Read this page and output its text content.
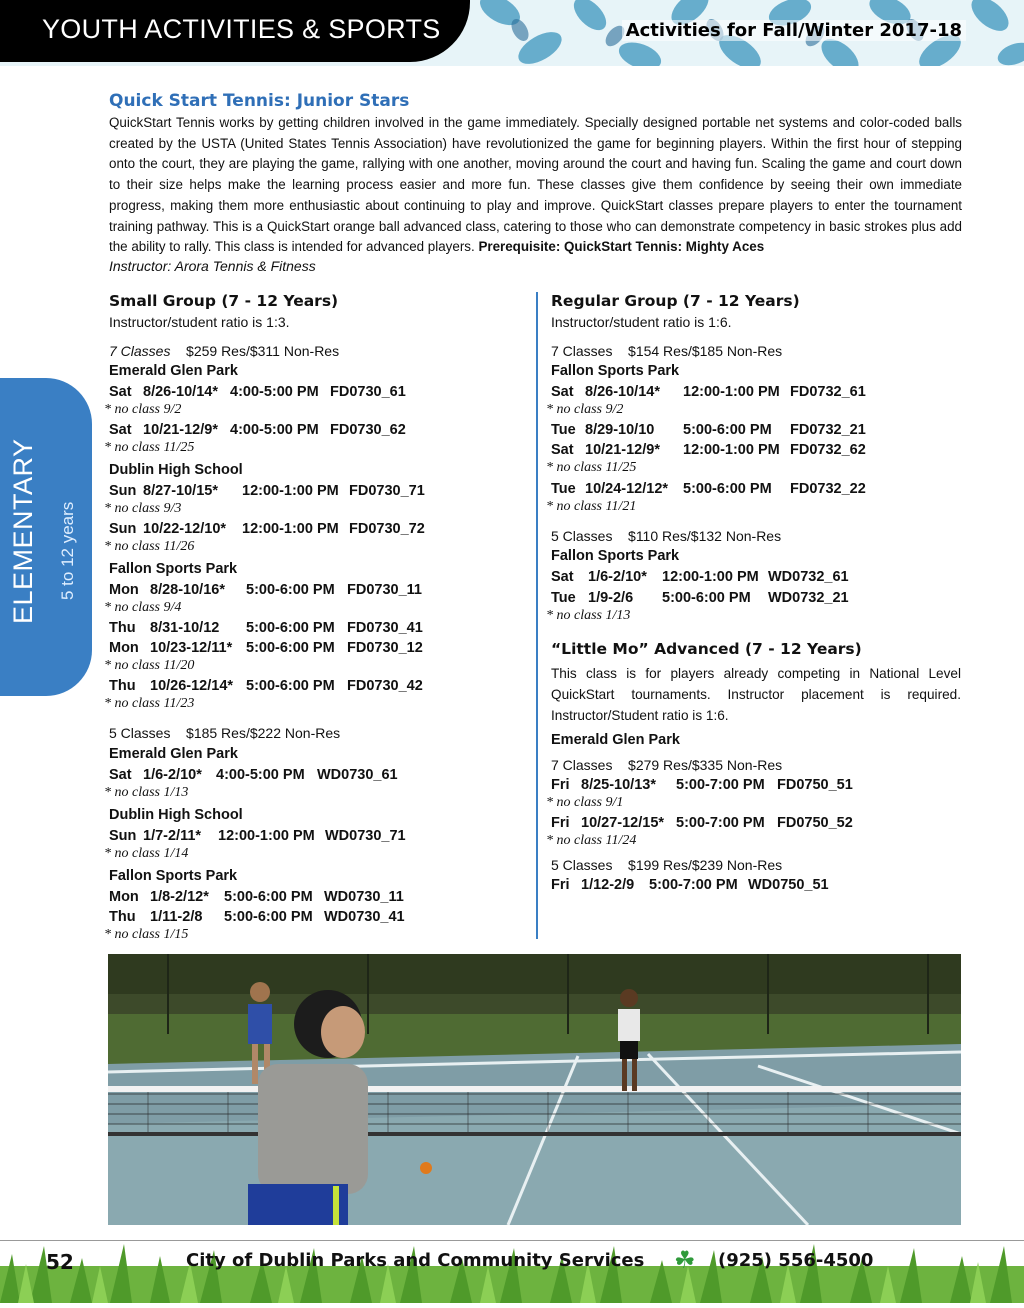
YOUTH ACTIVITIES & SPORTS	Activities for Fall/Winter 2017-18
ELEMENTARY 5 to 12 years
Quick Start Tennis: Junior Stars
QuickStart Tennis works by getting children involved in the game immediately. Specially designed portable net systems and color-coded balls created by the USTA (United States Tennis Association) have revolutionized the game for beginning players. Within the first hour of stepping onto the court, they are playing the game, rallying with one another, moving around the court and having fun. Scaling the game and court down to their size helps make the learning process easier and more fun. These classes give them confidence by seeing their own immediate progress, making them more enthusiastic about continuing to play and improve. QuickStart classes prepare players to enter the tournament training pathway. This is a QuickStart orange ball advanced class, catering to those who can demonstrate competency in basic strokes plus add the ability to rally. This class is intended for advanced players. Prerequisite: QuickStart Tennis: Mighty Aces
Instructor: Arora Tennis & Fitness
Small Group (7 - 12 Years)
Instructor/student ratio is 1:3.
7 Classes $259 Res/$311 Non-Res
Emerald Glen Park
Sat 8/26-10/14* 4:00-5:00 PM FD0730_61
* no class 9/2
Sat 10/21-12/9* 4:00-5:00 PM FD0730_62
* no class 11/25
Dublin High School
Sun 8/27-10/15* 12:00-1:00 PM FD0730_71
* no class 9/3
Sun 10/22-12/10* 12:00-1:00 PM FD0730_72
* no class 11/26
Fallon Sports Park
Mon 8/28-10/16* 5:00-6:00 PM FD0730_11
* no class 9/4
Thu 8/31-10/12 5:00-6:00 PM FD0730_41
Mon 10/23-12/11* 5:00-6:00 PM FD0730_12
* no class 11/20
Thu 10/26-12/14* 5:00-6:00 PM FD0730_42
* no class 11/23
5 Classes    $185 Res/$222 Non-Res
Emerald Glen Park
Sat 1/6-2/10* 4:00-5:00 PM WD0730_61
* no class 1/13
Dublin High School
Sun 1/7-2/11* 12:00-1:00 PM WD0730_71
* no class 1/14
Fallon Sports Park
Mon 1/8-2/12* 5:00-6:00 PM WD0730_11
Thu 1/11-2/8 5:00-6:00 PM WD0730_41
* no class 1/15
Regular Group (7 - 12 Years)
Instructor/student ratio is 1:6.
7 Classes    $154 Res/$185 Non-Res
Fallon Sports Park
Sat 8/26-10/14* 12:00-1:00 PM FD0732_61
* no class 9/2
Tue 8/29-10/10 5:00-6:00 PM FD0732_21
Sat 10/21-12/9* 12:00-1:00 PM FD0732_62
* no class 11/25
Tue 10/24-12/12* 5:00-6:00 PM FD0732_22
* no class 11/21
5 Classes    $110 Res/$132 Non-Res
Fallon Sports Park
Sat 1/6-2/10* 12:00-1:00 PM WD0732_61
Tue 1/9-2/6 5:00-6:00 PM WD0732_21
* no class 1/13
“Little Mo” Advanced (7 - 12 Years)
This class is for players already competing in National Level QuickStart tournaments. Instructor placement is required. Instructor/Student ratio is 1:6.
Emerald Glen Park
7 Classes    $279 Res/$335 Non-Res
Fri 8/25-10/13* 5:00-7:00 PM FD0750_51
* no class 9/1
Fri 10/27-12/15* 5:00-7:00 PM FD0750_52
* no class 11/24
5 Classes    $199 Res/$239 Non-Res
Fri 1/12-2/9 5:00-7:00 PM WD0750_51
52	City of Dublin Parks and Community Services ☘ (925) 556-4500
